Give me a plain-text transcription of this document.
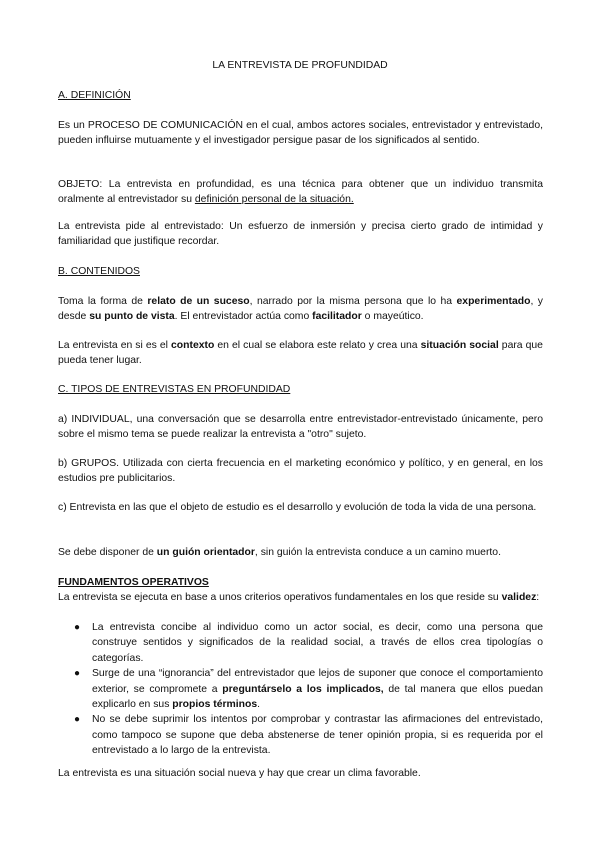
LA ENTREVISTA DE PROFUNDIDAD
A. DEFINICIÓN

Es un PROCESO DE COMUNICACIÓN en el cual, ambos actores sociales, entrevistador y entrevistado, pueden influirse mutuamente y el investigador persigue pasar de los significados al sentido.

OBJETO: La entrevista en profundidad, es una técnica para obtener que un individuo transmita oralmente al entrevistador su definición personal de la situación.

La entrevista pide al entrevistado: Un esfuerzo de inmersión y precisa cierto grado de intimidad y familiaridad que justifique recordar.

B. CONTENIDOS

Toma la forma de relato de un suceso, narrado por la misma persona que lo ha experimentado, y desde su punto de vista. El entrevistador actúa como facilitador o mayeútico.

La entrevista en si es el contexto en el cual se elabora este relato y crea una situación social para que pueda tener lugar.

C. TIPOS DE ENTREVISTAS EN PROFUNDIDAD

a) INDIVIDUAL, una conversación que se desarrolla entre entrevistador-entrevistado únicamente, pero sobre el mismo tema se puede realizar la entrevista a "otro" sujeto.

b) GRUPOS. Utilizada con cierta frecuencia en el marketing económico y político, y en general, en los estudios pre publicitarios.

c) Entrevista en las que el objeto de estudio es el desarrollo y evolución de toda la vida de una persona.

Se debe disponer de un guión orientador, sin guión la entrevista conduce a un camino muerto.

FUNDAMENTOS OPERATIVOS

La entrevista se ejecuta en base a unos criterios operativos fundamentales en los que reside su validez:

● La entrevista concibe al individuo como un actor social, es decir, como una persona que construye sentidos y significados de la realidad social, a través de ellos crea tipologías o categorías.
● Surge de una “ignorancia” del entrevistador que lejos de suponer que conoce el comportamiento exterior, se compromete a preguntárselo a los implicados, de tal manera que ellos puedan explicarlo en sus propios términos.
● No se debe suprimir los intentos por comprobar y contrastar las afirmaciones del entrevistado, como tampoco se supone que deba abstenerse de tener opinión propia, si es requerida por el entrevistado a lo largo de la entrevista.

La entrevista es una situación social nueva y hay que crear un clima favorable.
